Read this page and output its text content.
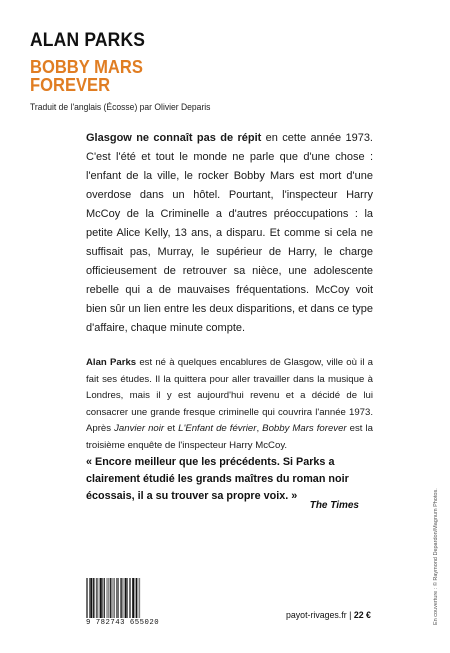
ALAN PARKS
BOBBY MARS
FOREVER
Traduit de l'anglais (Écosse) par Olivier Deparis
Glasgow ne connaît pas de répit en cette année 1973. C'est l'été et tout le monde ne parle que d'une chose : l'enfant de la ville, le rocker Bobby Mars est mort d'une overdose dans un hôtel. Pourtant, l'inspecteur Harry McCoy de la Criminelle a d'autres préoccupations : la petite Alice Kelly, 13 ans, a disparu. Et comme si cela ne suffisait pas, Murray, le supérieur de Harry, le charge officieusement de retrouver sa nièce, une adolescente rebelle qui a de mauvaises fréquentations. McCoy voit bien sûr un lien entre les deux disparitions, et dans ce type d'affaire, chaque minute compte.
Alan Parks est né à quelques encablures de Glasgow, ville où il a fait ses études. Il la quittera pour aller travailler dans la musique à Londres, mais il y est aujourd'hui revenu et a décidé de lui consacrer une grande fresque criminelle qui couvrira l'année 1973. Après Janvier noir et L'Enfant de février, Bobby Mars forever est la troisième enquête de l'inspecteur Harry McCoy.
« Encore meilleur que les précédents. Si Parks a clairement étudié les grands maîtres du roman noir écossais, il a su trouver sa propre voix. »
The Times	En couverture : © Raymond Depardon/Magnum Photos.
9 782743 655020
payot-rivages.fr | 22 €
